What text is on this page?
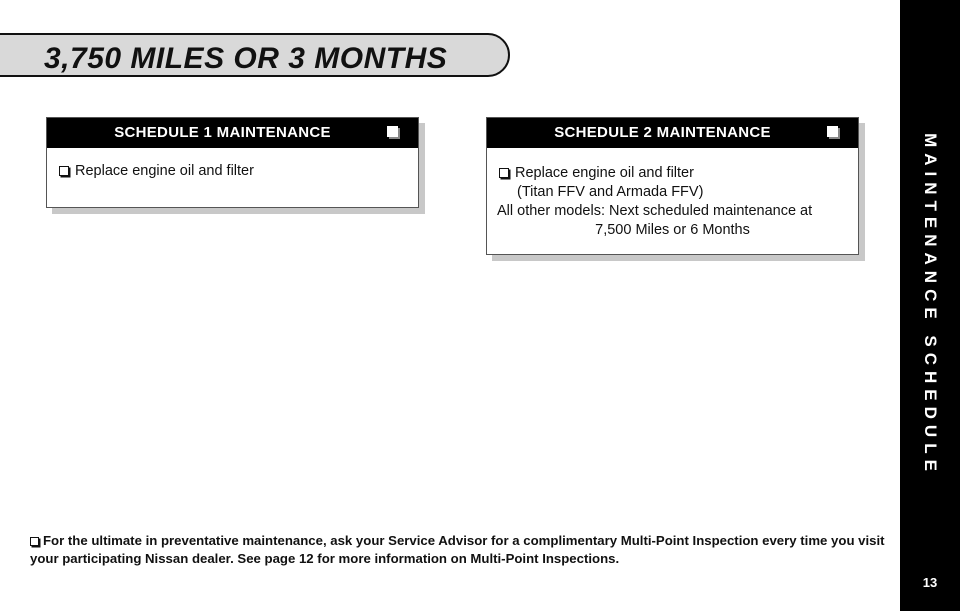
3,750 MILES OR 3 MONTHS
SCHEDULE 1 MAINTENANCE
Replace engine oil and filter
SCHEDULE 2 MAINTENANCE
Replace engine oil and filter
(Titan FFV and Armada FFV)
All other models: Next scheduled maintenance at
7,500 Miles or 6 Months
For the ultimate in preventative maintenance, ask your Service Advisor for a complimentary Multi-Point Inspection every time you visit your participating Nissan dealer. See page 12 for more information on Multi-Point Inspections.
MAINTENANCE SCHEDULE
13
